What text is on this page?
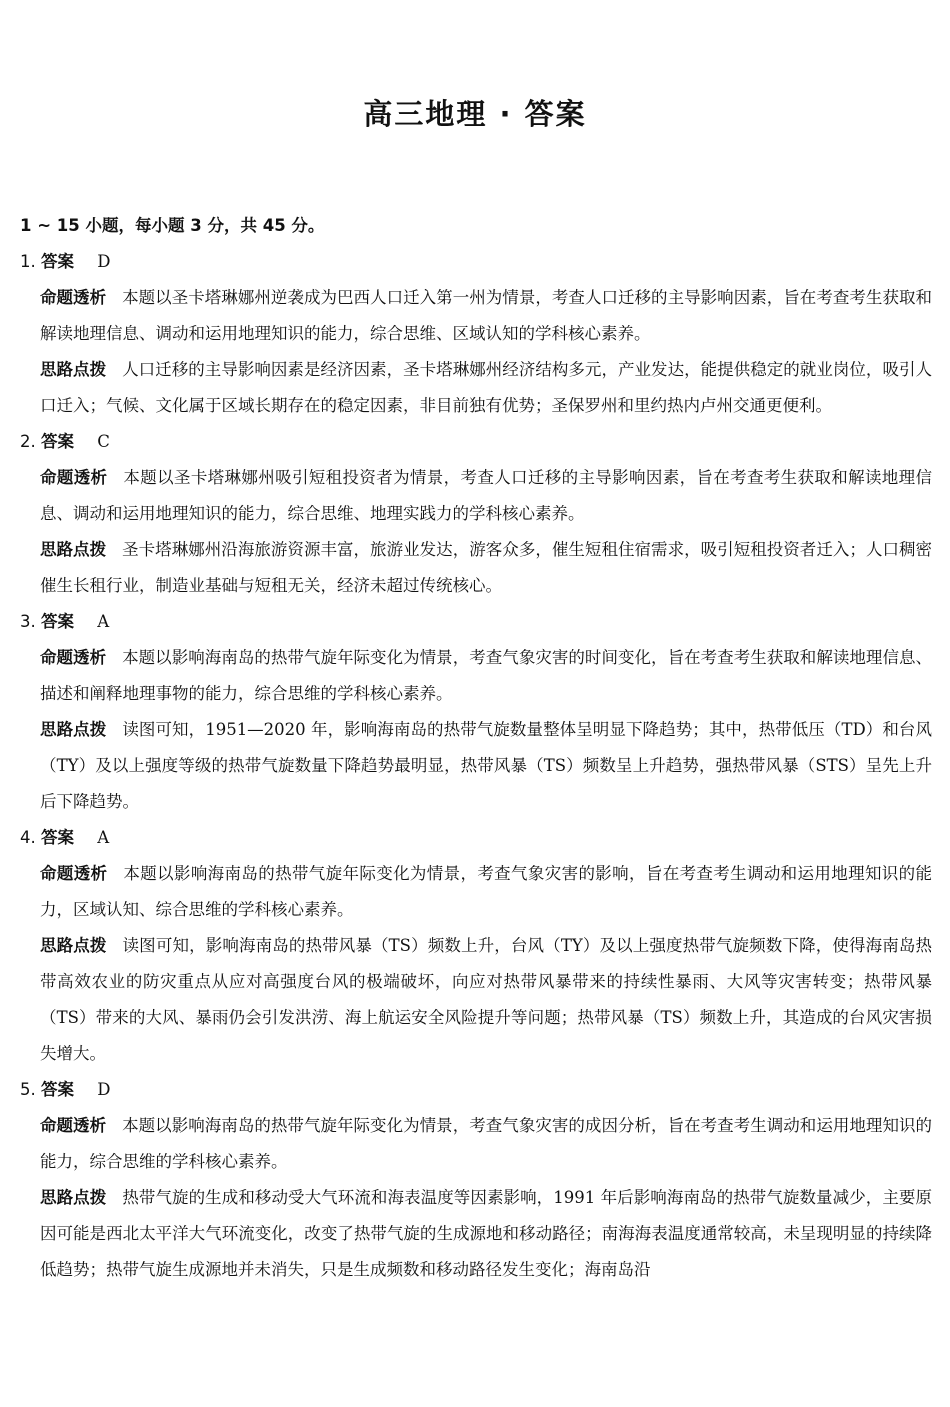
高三地理 · 答案
1 ~ 15 小题，每小题 3 分，共 45 分。
1. 答案 D
命题透析 本题以圣卡塔琳娜州逆袭成为巴西人口迁入第一州为情景，考查人口迁移的主导影响因素，旨在考查考生获取和解读地理信息、调动和运用地理知识的能力，综合思维、区域认知的学科核心素养。
思路点拨 人口迁移的主导影响因素是经济因素，圣卡塔琳娜州经济结构多元，产业发达，能提供稳定的就业岗位，吸引人口迁入；气候、文化属于区域长期存在的稳定因素，非目前独有优势；圣保罗州和里约热内卢州交通更便利。
2. 答案 C
命题透析 本题以圣卡塔琳娜州吸引短租投资者为情景，考查人口迁移的主导影响因素，旨在考查考生获取和解读地理信息、调动和运用地理知识的能力，综合思维、地理实践力的学科核心素养。
思路点拨 圣卡塔琳娜州沿海旅游资源丰富，旅游业发达，游客众多，催生短租住宿需求，吸引短租投资者迁入；人口稠密催生长租行业，制造业基础与短租无关，经济未超过传统核心。
3. 答案 A
命题透析 本题以影响海南岛的热带气旋年际变化为情景，考查气象灾害的时间变化，旨在考查考生获取和解读地理信息、描述和阐释地理事物的能力，综合思维的学科核心素养。
思路点拨 读图可知，1951—2020 年，影响海南岛的热带气旋数量整体呈明显下降趋势；其中，热带低压（TD）和台风（TY）及以上强度等级的热带气旋数量下降趋势最明显，热带风暴（TS）频数呈上升趋势，强热带风暴（STS）呈先上升后下降趋势。
4. 答案 A
命题透析 本题以影响海南岛的热带气旋年际变化为情景，考查气象灾害的影响，旨在考查考生调动和运用地理知识的能力，区域认知、综合思维的学科核心素养。
思路点拨 读图可知，影响海南岛的热带风暴（TS）频数上升，台风（TY）及以上强度热带气旋频数下降，使得海南岛热带高效农业的防灾重点从应对高强度台风的极端破坏，向应对热带风暴带来的持续性暴雨、大风等灾害转变；热带风暴（TS）带来的大风、暴雨仍会引发洪涝、海上航运安全风险提升等问题；热带风暴（TS）频数上升，其造成的台风灾害损失增大。
5. 答案 D
命题透析 本题以影响海南岛的热带气旋年际变化为情景，考查气象灾害的成因分析，旨在考查考生调动和运用地理知识的能力，综合思维的学科核心素养。
思路点拨 热带气旋的生成和移动受大气环流和海表温度等因素影响，1991 年后影响海南岛的热带气旋数量减少，主要原因可能是西北太平洋大气环流变化，改变了热带气旋的生成源地和移动路径；南海海表温度通常较高，未呈现明显的持续降低趋势；热带气旋生成源地并未消失，只是生成频数和移动路径发生变化；海南岛沿
